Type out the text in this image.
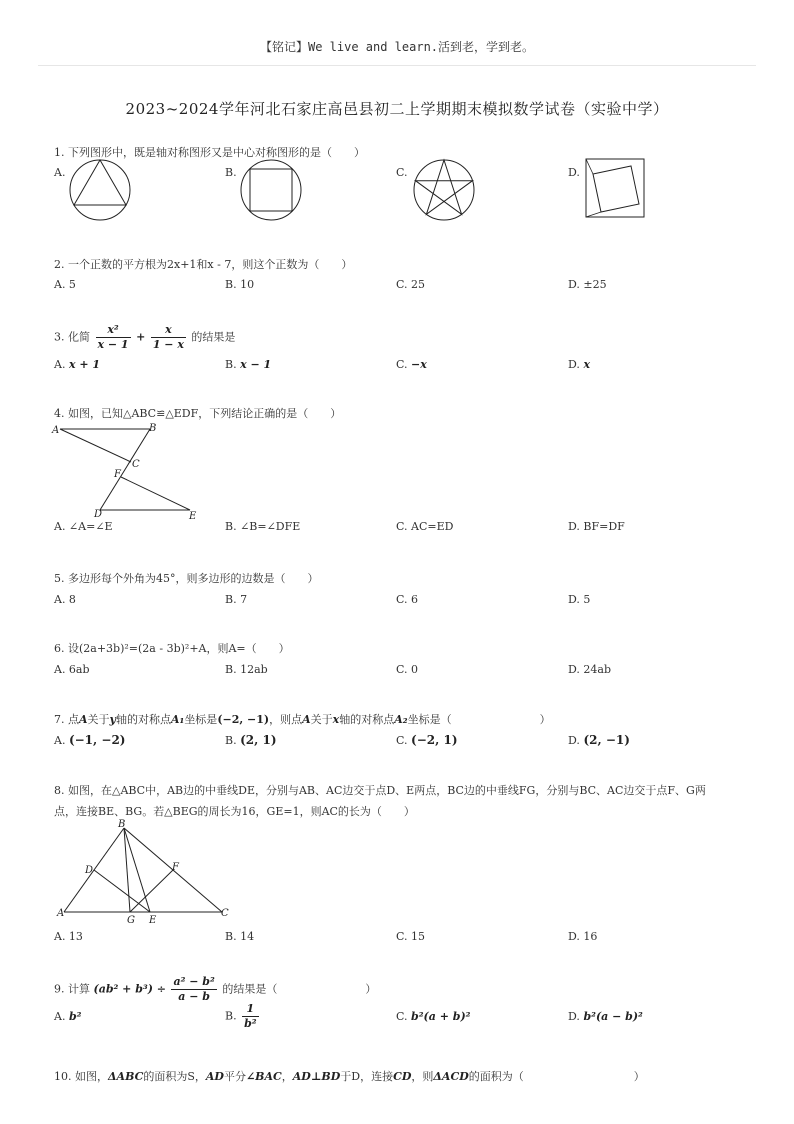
【铭记】We live and learn.活到老，学到老。
2023~2024学年河北石家庄高邑县初二上学期期末模拟数学试卷（实验中学）
1. 下列图形中，既是轴对称图形又是中心对称图形的是（　　）
A.	B.	C.	D.
2. 一个正数的平方根为2x+1和x - 7，则这个正数为（　　）
A. 5	B. 10	C. 25	D. ±25
3. 化简 $\frac{\text{x²}}{x - 1} + \frac{x}{1 - x}$ 的结果是
A. x + 1	B. x − 1	C. −x	D. x
4. 如图，已知△ABC≌△EDF，下列结论正确的是（　　）
A	B
C
F
D	E
A. ∠A=∠E	B. ∠B=∠DFE	C. AC=ED	D. BF=DF
5. 多边形每个外角为45°，则多边形的边数是（　　）
A. 8	B. 7	C. 6	D. 5
6. 设(2a+3b)²=(2a - 3b)²+A，则A=（　　）
A. 6ab	B. 12ab	C. 0	D. 24ab
7. 点A关于y轴的对称点A₁坐标是(−2, −1)，则点A关于x轴的对称点A₂坐标是（　　　　　　　　）
A. (−1, −2)	B. (2, 1)	C. (−2, 1)	D. (2, −1)
8. 如图，在△ABC中，AB边的中垂线DE，分别与AB、AC边交于点D、E两点，BC边的中垂线FG，分别与BC、AC边交于点F、G两
点，连接BE、BG。若△BEG的周长为16，GE=1，则AC的长为（　　）
B
D	F
A
G E
C
A. 13	B. 14	C. 15	D. 16
9. 计算 $(ab^2 + b^3) \div \frac{\text{a² − b²}}{a - b}$ 的结果是（　　　　　　　　）
A. b²	B. $\frac{1}{\text{b²}}$	C. b²(a + b)²	D. b²(a − b)²
10. 如图，ΔABC的面积为S，AD平分∠BAC，AD⊥BD于D，连接CD，则ΔACD的面积为（　　　　　　　　　　）
